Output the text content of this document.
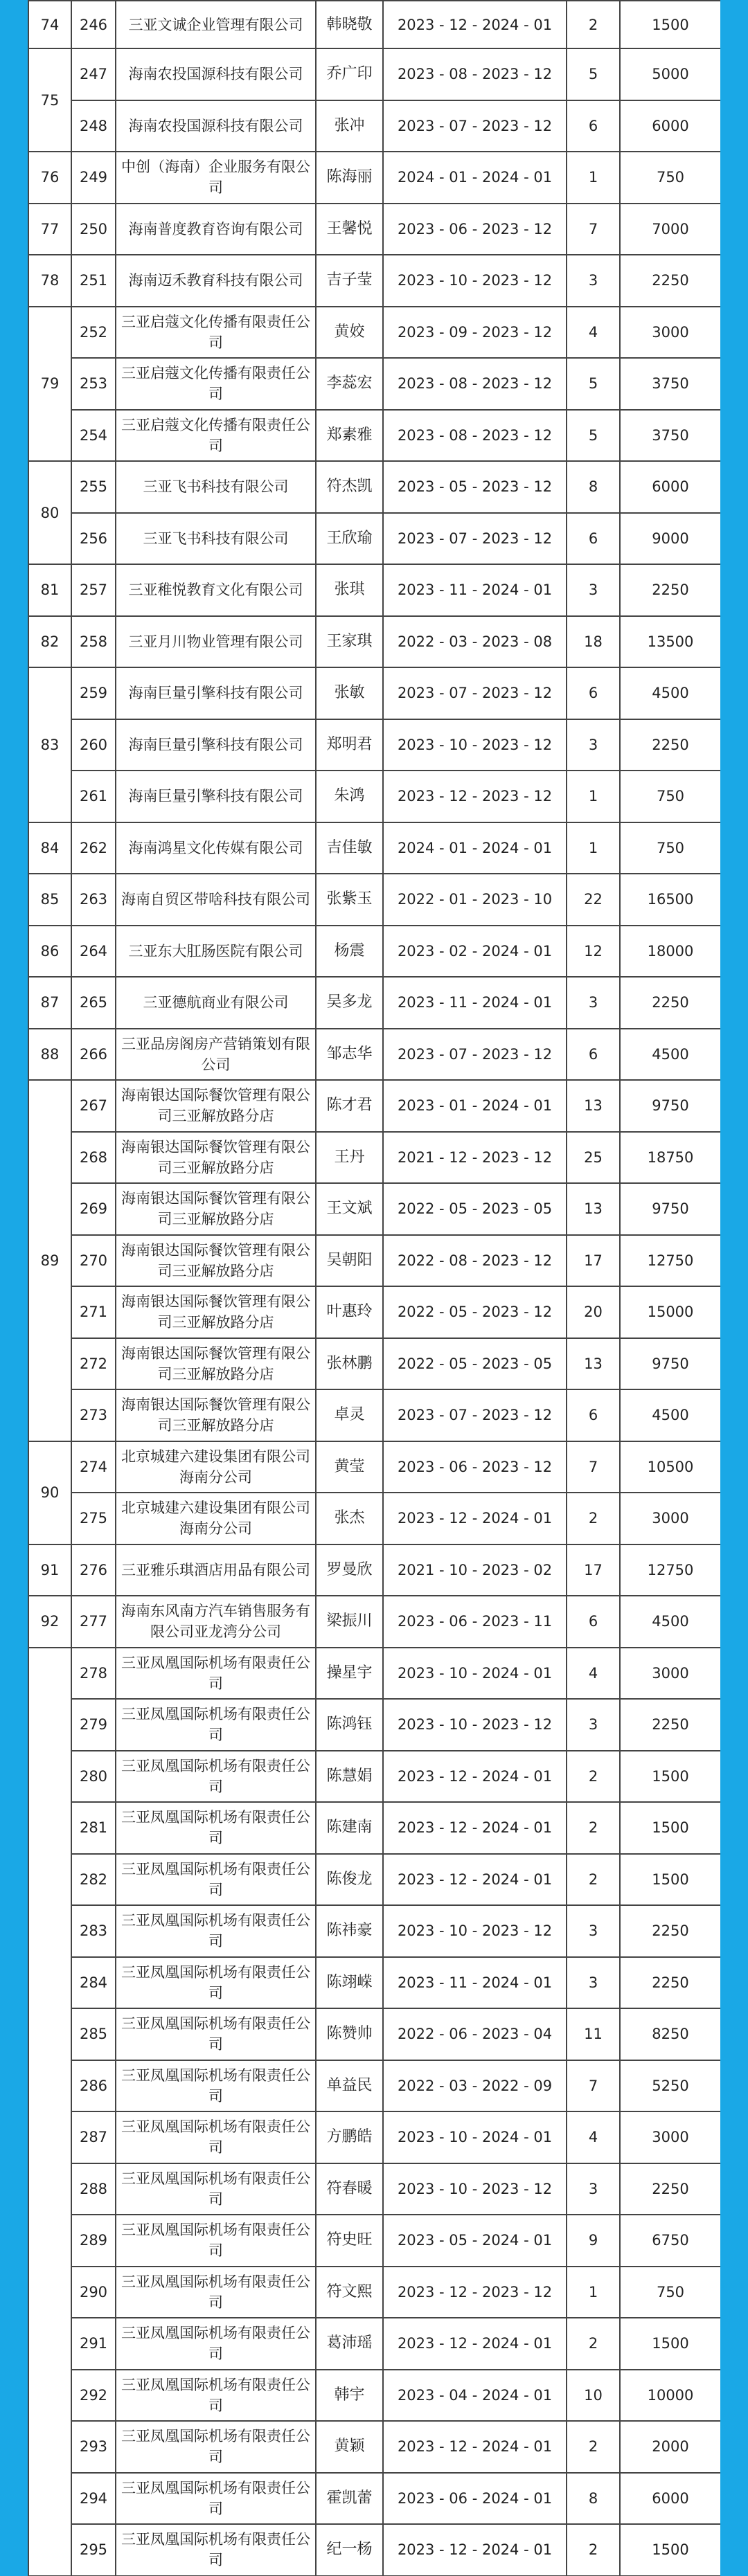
74	246	三亚文诚企业管理有限公司	韩晓敬	2023 - 12 - 2024 - 01	2	1500
75	247	海南农投国源科技有限公司	乔广印	2023 - 08 - 2023 - 12	5	5000
	248	海南农投国源科技有限公司	张冲	2023 - 07 - 2023 - 12	6	6000
76	249	中创（海南）企业服务有限公司	陈海丽	2024 - 01 - 2024 - 01	1	750
77	250	海南普度教育咨询有限公司	王馨悦	2023 - 06 - 2023 - 12	7	7000
78	251	海南迈禾教育科技有限公司	吉子莹	2023 - 10 - 2023 - 12	3	2250
79	252	三亚启蔻文化传播有限责任公司	黄姣	2023 - 09 - 2023 - 12	4	3000
	253	三亚启蔻文化传播有限责任公司	李蕊宏	2023 - 08 - 2023 - 12	5	3750
	254	三亚启蔻文化传播有限责任公司	郑素雅	2023 - 08 - 2023 - 12	5	3750
80	255	三亚飞书科技有限公司	符杰凯	2023 - 05 - 2023 - 12	8	6000
	256	三亚飞书科技有限公司	王欣瑜	2023 - 07 - 2023 - 12	6	9000
81	257	三亚稚悦教育文化有限公司	张琪	2023 - 11 - 2024 - 01	3	2250
82	258	三亚月川物业管理有限公司	王家琪	2022 - 03 - 2023 - 08	18	13500
83	259	海南巨量引擎科技有限公司	张敏	2023 - 07 - 2023 - 12	6	4500
	260	海南巨量引擎科技有限公司	郑明君	2023 - 10 - 2023 - 12	3	2250
	261	海南巨量引擎科技有限公司	朱鸿	2023 - 12 - 2023 - 12	1	750
84	262	海南鸿星文化传媒有限公司	吉佳敏	2024 - 01 - 2024 - 01	1	750
85	263	海南自贸区带啥科技有限公司	张紫玉	2022 - 01 - 2023 - 10	22	16500
86	264	三亚东大肛肠医院有限公司	杨震	2023 - 02 - 2024 - 01	12	18000
87	265	三亚德航商业有限公司	吴多龙	2023 - 11 - 2024 - 01	3	2250
88	266	三亚品房阁房产营销策划有限公司	邹志华	2023 - 07 - 2023 - 12	6	4500
89	267	海南银达国际餐饮管理有限公司三亚解放路分店	陈才君	2023 - 01 - 2024 - 01	13	9750
	268	海南银达国际餐饮管理有限公司三亚解放路分店	王丹	2021 - 12 - 2023 - 12	25	18750
	269	海南银达国际餐饮管理有限公司三亚解放路分店	王文斌	2022 - 05 - 2023 - 05	13	9750
	270	海南银达国际餐饮管理有限公司三亚解放路分店	吴朝阳	2022 - 08 - 2023 - 12	17	12750
	271	海南银达国际餐饮管理有限公司三亚解放路分店	叶惠玲	2022 - 05 - 2023 - 12	20	15000
	272	海南银达国际餐饮管理有限公司三亚解放路分店	张林鹏	2022 - 05 - 2023 - 05	13	9750
	273	海南银达国际餐饮管理有限公司三亚解放路分店	卓灵	2023 - 07 - 2023 - 12	6	4500
90	274	北京城建六建设集团有限公司海南分公司	黄莹	2023 - 06 - 2023 - 12	7	10500
	275	北京城建六建设集团有限公司海南分公司	张杰	2023 - 12 - 2024 - 01	2	3000
91	276	三亚雅乐琪酒店用品有限公司	罗曼欣	2021 - 10 - 2023 - 02	17	12750
92	277	海南东风南方汽车销售服务有限公司亚龙湾分公司	梁振川	2023 - 06 - 2023 - 11	6	4500
	278	三亚凤凰国际机场有限责任公司	操星宇	2023 - 10 - 2024 - 01	4	3000
	279	三亚凤凰国际机场有限责任公司	陈鸿钰	2023 - 10 - 2023 - 12	3	2250
	280	三亚凤凰国际机场有限责任公司	陈慧娟	2023 - 12 - 2024 - 01	2	1500
	281	三亚凤凰国际机场有限责任公司	陈建南	2023 - 12 - 2024 - 01	2	1500
	282	三亚凤凰国际机场有限责任公司	陈俊龙	2023 - 12 - 2024 - 01	2	1500
	283	三亚凤凰国际机场有限责任公司	陈祎豪	2023 - 10 - 2023 - 12	3	2250
	284	三亚凤凰国际机场有限责任公司	陈翊嵘	2023 - 11 - 2024 - 01	3	2250
	285	三亚凤凰国际机场有限责任公司	陈赞帅	2022 - 06 - 2023 - 04	11	8250
	286	三亚凤凰国际机场有限责任公司	单益民	2022 - 03 - 2022 - 09	7	5250
	287	三亚凤凰国际机场有限责任公司	方鹏皓	2023 - 10 - 2024 - 01	4	3000
	288	三亚凤凰国际机场有限责任公司	符春暖	2023 - 10 - 2023 - 12	3	2250
	289	三亚凤凰国际机场有限责任公司	符史旺	2023 - 05 - 2024 - 01	9	6750
	290	三亚凤凰国际机场有限责任公司	符文熙	2023 - 12 - 2023 - 12	1	750
	291	三亚凤凰国际机场有限责任公司	葛沛瑶	2023 - 12 - 2024 - 01	2	1500
	292	三亚凤凰国际机场有限责任公司	韩宇	2023 - 04 - 2024 - 01	10	10000
	293	三亚凤凰国际机场有限责任公司	黄颖	2023 - 12 - 2024 - 01	2	2000
	294	三亚凤凰国际机场有限责任公司	霍凯蕾	2023 - 06 - 2024 - 01	8	6000
	295	三亚凤凰国际机场有限责任公司	纪一杨	2023 - 12 - 2024 - 01	2	1500
